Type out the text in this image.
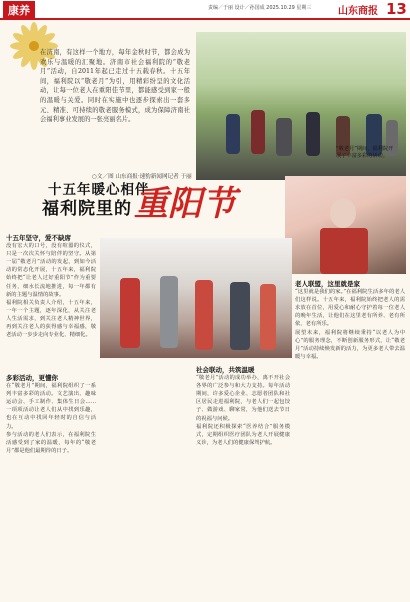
康养	责编／于丽 设计／孙国成 2025.10.29 星期三	山东商报 13
在济南，有这样一个地方，每年金秋时节，都会成为欢乐与温暖的汇聚地。济南市社会福利院的“敬老月”活动，自2011年起已走过十五载春秋。十五年间，福利院以“敬老月”为引，用精彩纷呈的文化活动，让每一位老人在重阳佳节里，都能感受到家一般的温暖与关爱。同时在实施中也逐步探索出一套多元、精准、可持续的敬老服务模式，成为保障济南社会福利事业发展的一张亮丽名片。
○文／图 山东商报·速豹新闻网记者 于丽
“敬老月”期间，福利院开展了丰富多彩的活动。
十五年暖心相伴
福利院里的 重阳节
十五年坚守，爱不缺席
没有宏大的口号，没有喧嚣的仪式，只是一次次关怀与陪伴的坚守。从第一届“敬老月”活动的发起，到如今活动的常态化开展，十五年来，福利院始终把“让老人过好重阳节”作为重要任务，细水长流地推进，每一年都有新的主题与温情的故事。
福利院相关负责人介绍，十五年来，一年一个主题，逐年深化，从关注老人生活需求，到关注老人精神世界，再到关注老人的获得感与幸福感，敬老活动一步步走向专业化、精细化。
多彩活动，更懂你
在“敬老月”期间，福利院组织了一系列丰富多彩的活动。文艺演出、趣味运动会、手工制作、集体生日会……一项项活动让老人们从中找到乐趣，也在互动中找回年轻时的自信与活力。
参与活动的老人们表示，在福利院生活感受到了家的温暖，每年的“敬老月”都是他们最期待的日子。
社会联动，共筑温暖
“敬老月”活动的成功举办，离不开社会各界的广泛参与和大力支持。每年活动期间，许多爱心企业、志愿者团队和社区居民走进福利院，与老人们一起包饺子、做游戏、聊家常，为他们送去节日的祝福与问候。
福利院还积极探索“医养结合”服务模式，定期组织医疗团队为老人开展健康义诊，为老人们的健康保驾护航。
老人联盟，这里就是家
“这里就是我们的家。”在福利院生活多年的老人们这样说。十五年来，福利院始终把老人的需求放在首位，用爱心和耐心守护着每一位老人的晚年生活，让他们在这里老有所养、老有所依、老有所乐。
展望未来，福利院将继续秉持“以老人为中心”的服务理念，不断创新服务形式，让“敬老月”活动持续焕发新的活力，为更多老人带去温暖与幸福。
